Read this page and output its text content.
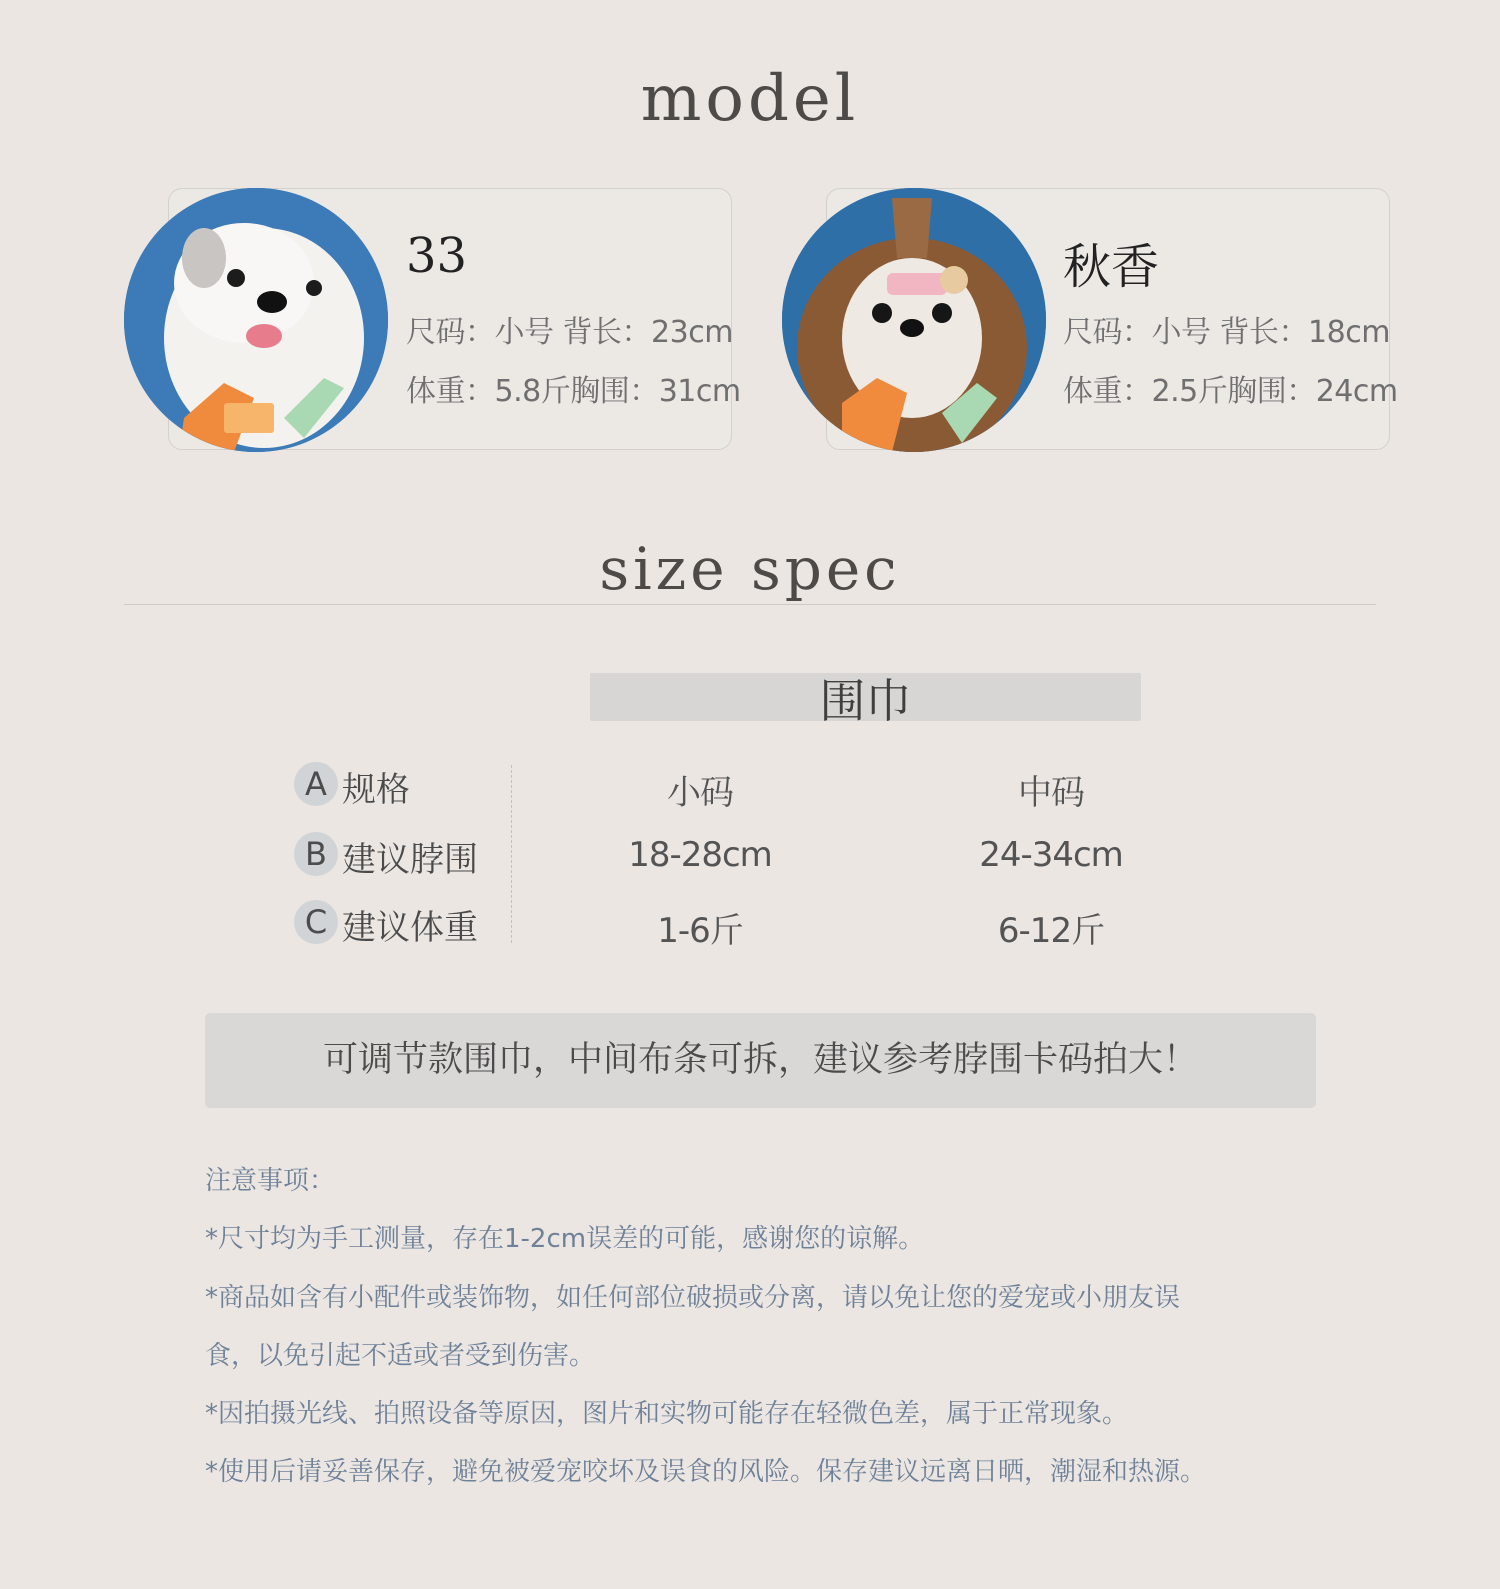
model
33
尺码：小号 背长：23cm
体重：5.8斤胸围：31cm
秋香
尺码：小号 背长：18cm
体重：2.5斤胸围：24cm
size spec
围巾
A 规格	小码	中码
B 建议脖围	18-28cm	24-34cm
C 建议体重	1-6斤	6-12斤
可调节款围巾，中间布条可拆，建议参考脖围卡码拍大！
注意事项：
*尺寸均为手工测量，存在1-2cm误差的可能，感谢您的谅解。
*商品如含有小配件或装饰物，如任何部位破损或分离，请以免让您的爱宠或小朋友误
食，以免引起不适或者受到伤害。
*因拍摄光线、拍照设备等原因，图片和实物可能存在轻微色差，属于正常现象。
*使用后请妥善保存，避免被爱宠咬坏及误食的风险。保存建议远离日晒，潮湿和热源。
